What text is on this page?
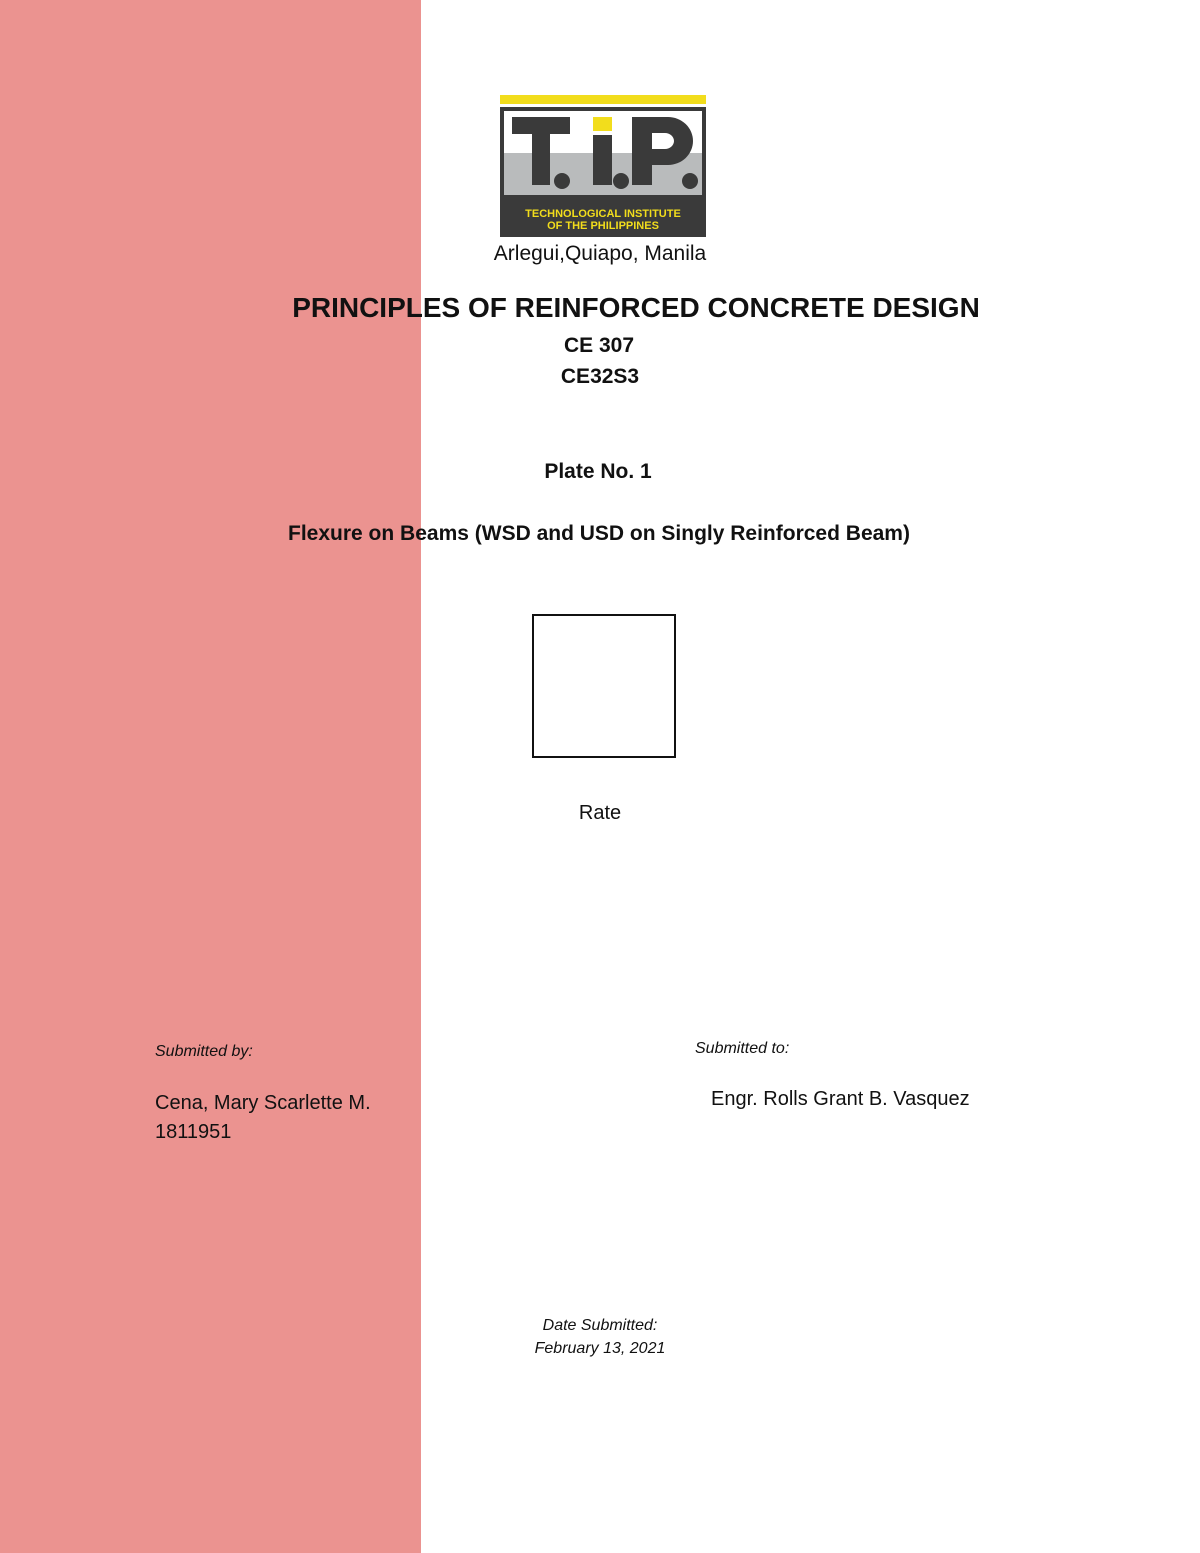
TECHNOLOGICAL INSTITUTE
OF THE PHILIPPINES

Arlegui,Quiapo, Manila

PRINCIPLES OF REINFORCED CONCRETE DESIGN

CE 307

CE32S3

Plate No. 1

Flexure on Beams (WSD and USD on Singly Reinforced Beam)

Rate

Submitted by:

Cena, Mary Scarlette M.

1811951

Submitted to:

Engr. Rolls Grant B. Vasquez

Date Submitted:

February 13, 2021
